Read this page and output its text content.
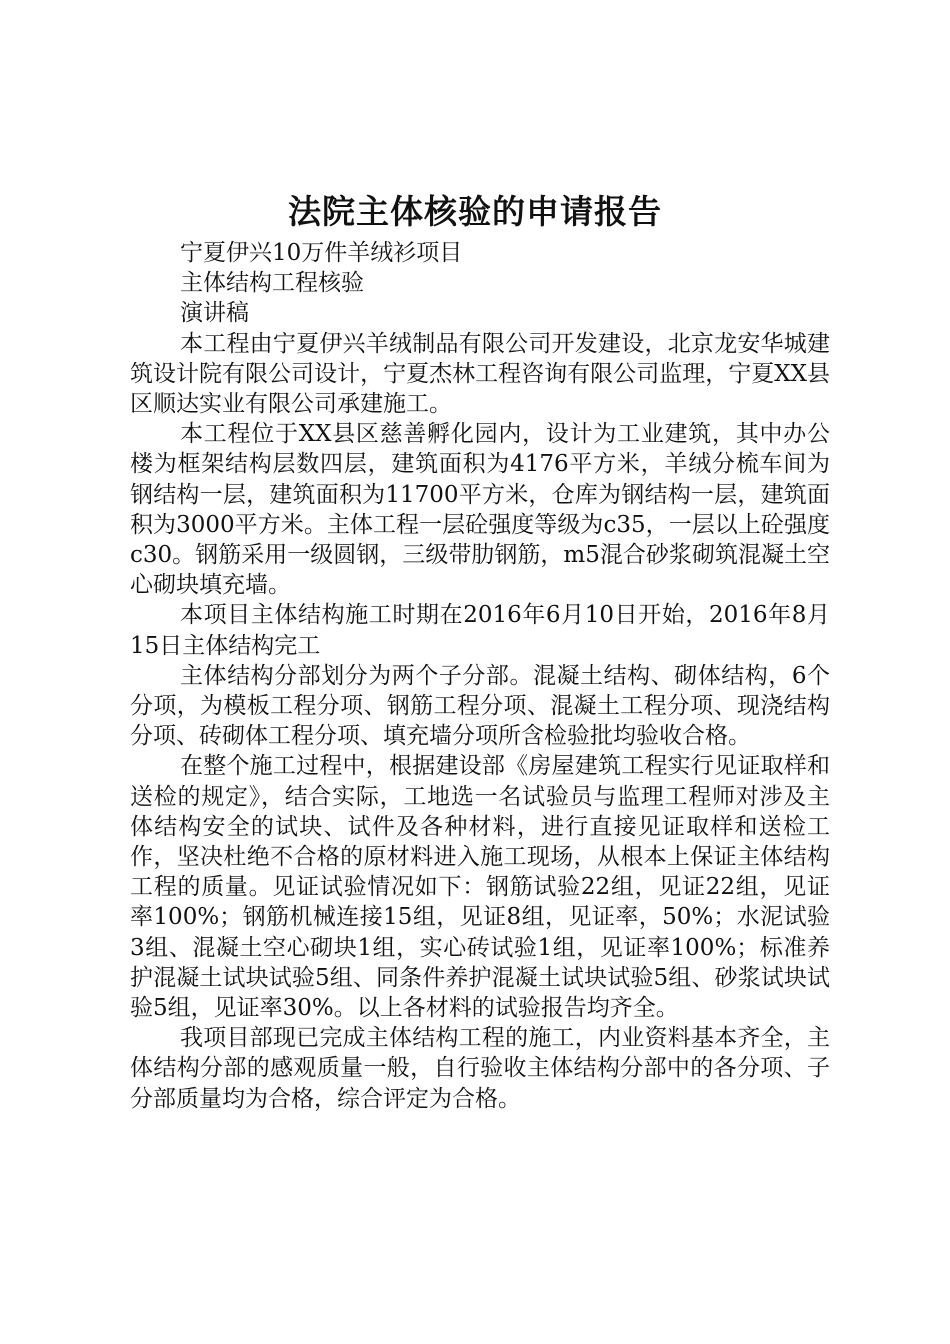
法院主体核验的申请报告

宁夏伊兴10万件羊绒衫项目

主体结构工程核验

演讲稿

本工程由宁夏伊兴羊绒制品有限公司开发建设，北京龙安华城建筑设计院有限公司设计，宁夏杰林工程咨询有限公司监理，宁夏XX县区顺达实业有限公司承建施工。

本工程位于XX县区慈善孵化园内，设计为工业建筑，其中办公楼为框架结构层数四层，建筑面积为4176平方米，羊绒分梳车间为钢结构一层，建筑面积为11700平方米，仓库为钢结构一层，建筑面积为3000平方米。主体工程一层砼强度等级为c35，一层以上砼强度c30。钢筋采用一级圆钢，三级带肋钢筋，m5混合砂浆砌筑混凝土空心砌块填充墙。

本项目主体结构施工时期在2016年6月10日开始，2016年8月15日主体结构完工

主体结构分部划分为两个子分部。混凝土结构、砌体结构，6个分项，为模板工程分项、钢筋工程分项、混凝土工程分项、现浇结构分项、砖砌体工程分项、填充墙分项所含检验批均验收合格。

在整个施工过程中，根据建设部《房屋建筑工程实行见证取样和送检的规定》，结合实际，工地选一名试验员与监理工程师对涉及主体结构安全的试块、试件及各种材料，进行直接见证取样和送检工作，坚决杜绝不合格的原材料进入施工现场，从根本上保证主体结构工程的质量。见证试验情况如下：钢筋试验22组，见证22组，见证率100%；钢筋机械连接15组，见证8组，见证率，50%；水泥试验3组、混凝土空心砌块1组，实心砖试验1组，见证率100%；标准养护混凝土试块试验5组、同条件养护混凝土试块试验5组、砂浆试块试验5组，见证率30%。以上各材料的试验报告均齐全。

我项目部现已完成主体结构工程的施工，内业资料基本齐全，主体结构分部的感观质量一般，自行验收主体结构分部中的各分项、子分部质量均为合格，综合评定为合格。
